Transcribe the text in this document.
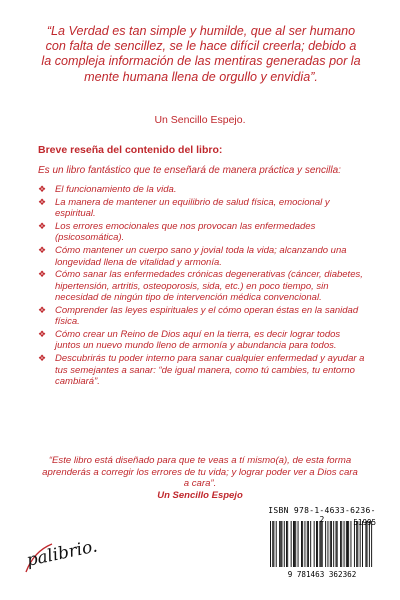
“La Verdad es tan simple y humilde, que al ser humano con falta de sencillez, se le hace difícil creerla; debido a la compleja información de las mentiras generadas por la mente humana llena de orgullo y envidia”.

Un Sencillo Espejo.

Breve reseña del contenido del libro:

Es un libro fantástico que te enseñará de manera práctica y sencilla:

❖ El funcionamiento de la vida.
❖ La manera de mantener un equilibrio de salud física, emocional y espiritual.
❖ Los errores emocionales que nos provocan las enfermedades (psicosomática).
❖ Cómo mantener un cuerpo sano y jovial toda la vida; alcanzando una longevidad llena de vitalidad y armonía.
❖ Cómo sanar las enfermedades crónicas degenerativas (cáncer, diabetes, hipertensión, artritis, osteoporosis, sida, etc.) en poco tiempo, sin necesidad de ningún tipo de intervención médica convencional.
❖ Comprender las leyes espirituales y el cómo operan éstas en la sanidad física.
❖ Cómo crear un Reino de Dios aquí en la tierra, es decir lograr todos juntos un nuevo mundo lleno de armonía y abundancia para todos.
❖ Descubrirás tu poder interno para sanar cualquier enfermedad y ayudar a tus semejantes a sanar: “de igual manera, como tú cambies, tu entorno cambiará”.

“Este libro está diseñado para que te veas a tí mismo(a), de esta forma aprenderás a corregir los errores de tu vida; y lograr poder ver a Dios cara a cara”.

Un Sencillo Espejo

palibrio.
ISBN 978-1-4633-6236-2	51995
9 781463 362362
